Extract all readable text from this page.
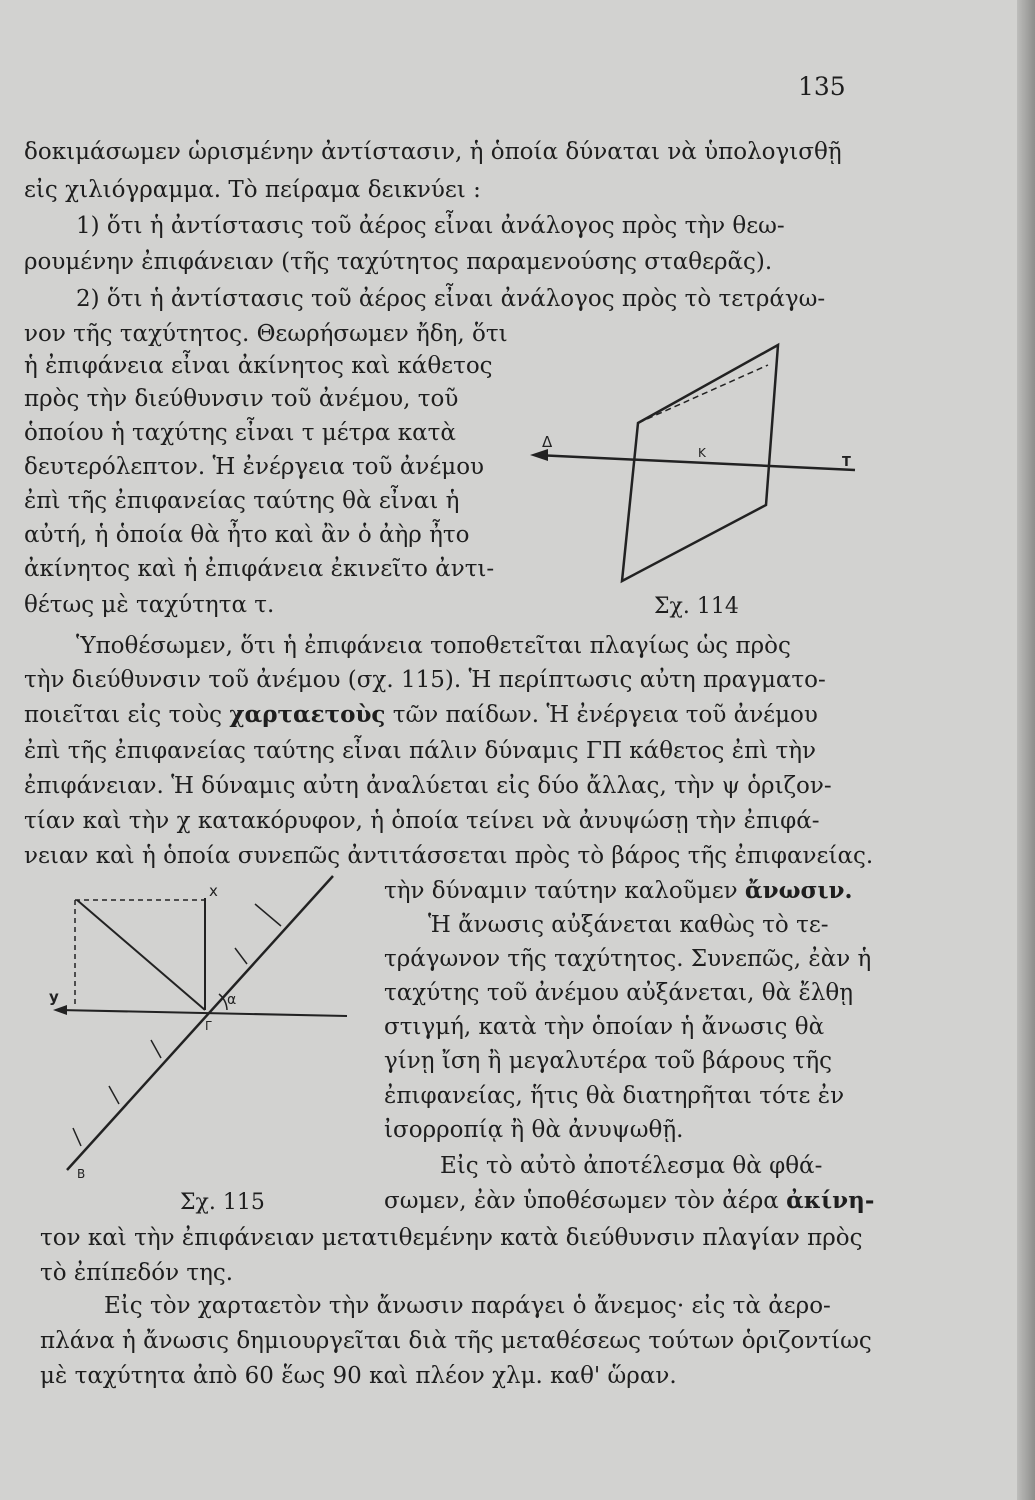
135
δοκιμάσωμεν ὡρισμένην ἀντίστασιν, ἡ ὁποία δύναται νὰ ὑπολογισθῇ
εἰς χιλιόγραμμα. Τὸ πείραμα δεικνύει :
1) ὅτι ἡ ἀντίστασις τοῦ ἀέρος εἶναι ἀνάλογος πρὸς τὴν θεω-
ρουμένην ἐπιφάνειαν (τῆς ταχύτητος παραμενούσης σταθερᾶς).
2) ὅτι ἡ ἀντίστασις τοῦ ἀέρος εἶναι ἀνάλογος πρὸς τὸ τετράγω-
νον τῆς ταχύτητος. Θεωρήσωμεν ἤδη, ὅτι
ἡ ἐπιφάνεια εἶναι ἀκίνητος καὶ κάθετος
πρὸς τὴν διεύθυνσιν τοῦ ἀνέμου, τοῦ
ὁποίου ἡ ταχύτης εἶναι τ μέτρα κατὰ
δευτερόλεπτον. Ἡ ἐνέργεια τοῦ ἀνέμου
ἐπὶ τῆς ἐπιφανείας ταύτης θὰ εἶναι ἡ
αὐτή, ἡ ὁποία θὰ ἦτο καὶ ἂν ὁ ἀὴρ ἦτο
ἀκίνητος καὶ ἡ ἐπιφάνεια ἐκινεῖτο ἀντι-
θέτως μὲ ταχύτητα τ.
Δ
Κ
Τ
Σχ. 114
Ὑποθέσωμεν, ὅτι ἡ ἐπιφάνεια τοποθετεῖται πλαγίως ὡς πρὸς
τὴν διεύθυνσιν τοῦ ἀνέμου (σχ. 115). Ἡ περίπτωσις αὐτη πραγματο-
ποιεῖται εἰς τοὺς χαρταετοὺς τῶν παίδων. Ἡ ἐνέργεια τοῦ ἀνέμου
ἐπὶ τῆς ἐπιφανείας ταύτης εἶναι πάλιν δύναμις ΓΠ κάθετος ἐπὶ τὴν
ἐπιφάνειαν. Ἡ δύναμις αὐτη ἀναλύεται εἰς δύο ἄλλας, τὴν ψ ὁριζον-
τίαν καὶ τὴν χ κατακόρυφον, ἡ ὁποία τείνει νὰ ἀνυψώσῃ τὴν ἐπιφά-
νειαν καὶ ἡ ὁποία συνεπῶς ἀντιτάσσεται πρὸς τὸ βάρος τῆς ἐπιφανείας.
τὴν δύναμιν ταύτην καλοῦμεν ἄνωσιν.
Ἡ ἄνωσις αὐξάνεται καθὼς τὸ τε-
τράγωνον τῆς ταχύτητος. Συνεπῶς, ἐὰν ἡ
ταχύτης τοῦ ἀνέμου αὐξάνεται, θὰ ἔλθῃ
στιγμή, κατὰ τὴν ὁποίαν ἡ ἄνωσις θὰ
γίνῃ ἴση ἢ μεγαλυτέρα τοῦ βάρους τῆς
ἐπιφανείας, ἥτις θὰ διατηρῆται τότε ἐν
ἰσορροπίᾳ ἢ θὰ ἀνυψωθῇ.
Εἰς τὸ αὐτὸ ἀποτέλεσμα θὰ φθά-
σωμεν, ἐὰν ὑποθέσωμεν τὸν ἀέρα ἀκίνη-
x
y	α
Γ
Β
Σχ. 115
τον καὶ τὴν ἐπιφάνειαν μετατιθεμένην κατὰ διεύθυνσιν πλαγίαν πρὸς
τὸ ἐπίπεδόν της.
Εἰς τὸν χαρταετὸν τὴν ἄνωσιν παράγει ὁ ἄνεμος· εἰς τὰ ἀερο-
πλάνα ἡ ἄνωσις δημιουργεῖται διὰ τῆς μεταθέσεως τούτων ὁριζοντίως
μὲ ταχύτητα ἀπὸ 60 ἕως 90 καὶ πλέον χλμ. καθ' ὥραν.
